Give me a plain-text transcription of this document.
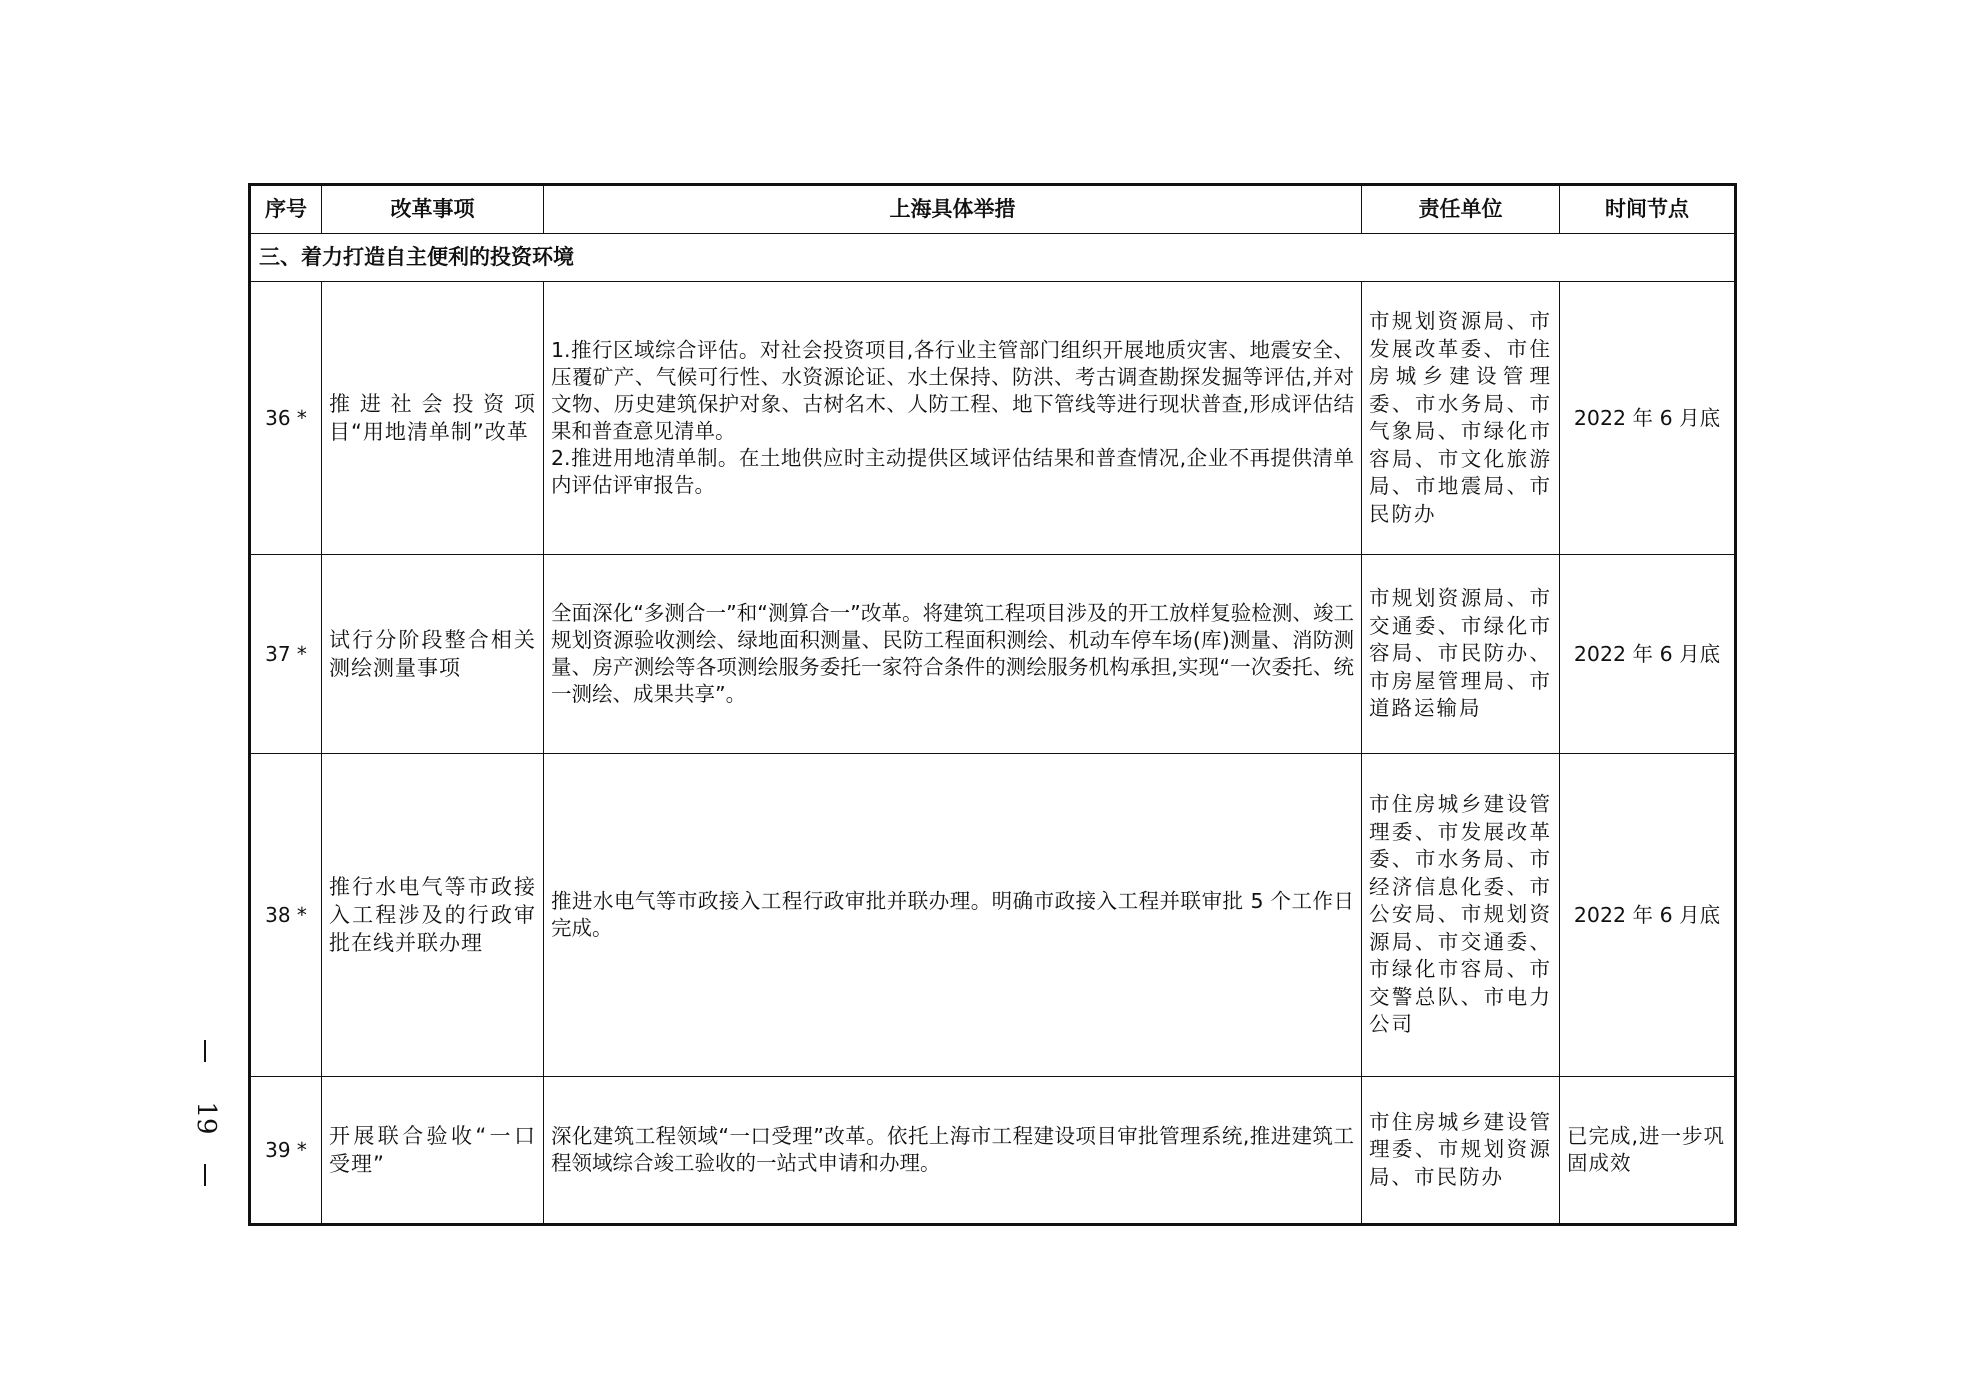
序号	改革事项	上海具体举措	责任单位	时间节点
三、着力打造自主便利的投资环境				
36 *	推进社会投资项目“用地清单制”改革	1.推行区域综合评估。对社会投资项目,各行业主管部门组织开展地质灾害、地震安全、压覆矿产、气候可行性、水资源论证、水土保持、防洪、考古调查勘探发掘等评估,并对文物、历史建筑保护对象、古树名木、人防工程、地下管线等进行现状普查,形成评估结果和普查意见清单。

2.推进用地清单制。在土地供应时主动提供区域评估结果和普查情况,企业不再提供清单内评估评审报告。	市规划资源局、市发展改革委、市住房城乡建设管理委、市水务局、市气象局、市绿化市容局、市文化旅游局、市地震局、市民防办	2022 年 6 月底
37 *	试行分阶段整合相关测绘测量事项	全面深化“多测合一”和“测算合一”改革。将建筑工程项目涉及的开工放样复验检测、竣工规划资源验收测绘、绿地面积测量、民防工程面积测绘、机动车停车场(库)测量、消防测量、房产测绘等各项测绘服务委托一家符合条件的测绘服务机构承担,实现“一次委托、统一测绘、成果共享”。	市规划资源局、市交通委、市绿化市容局、市民防办、市房屋管理局、市道路运输局	2022 年 6 月底
38 *	推行水电气等市政接入工程涉及的行政审批在线并联办理	推进水电气等市政接入工程行政审批并联办理。明确市政接入工程并联审批 5 个工作日完成。	市住房城乡建设管理委、市发展改革委、市水务局、市经济信息化委、市公安局、市规划资源局、市交通委、市绿化市容局、市交警总队、市电力公司	2022 年 6 月底
39 *	开展联合验收“一口受理”	深化建筑工程领域“一口受理”改革。依托上海市工程建设项目审批管理系统,推进建筑工程领域综合竣工验收的一站式申请和办理。	市住房城乡建设管理委、市规划资源局、市民防办	已完成,进一步巩固成效
19
